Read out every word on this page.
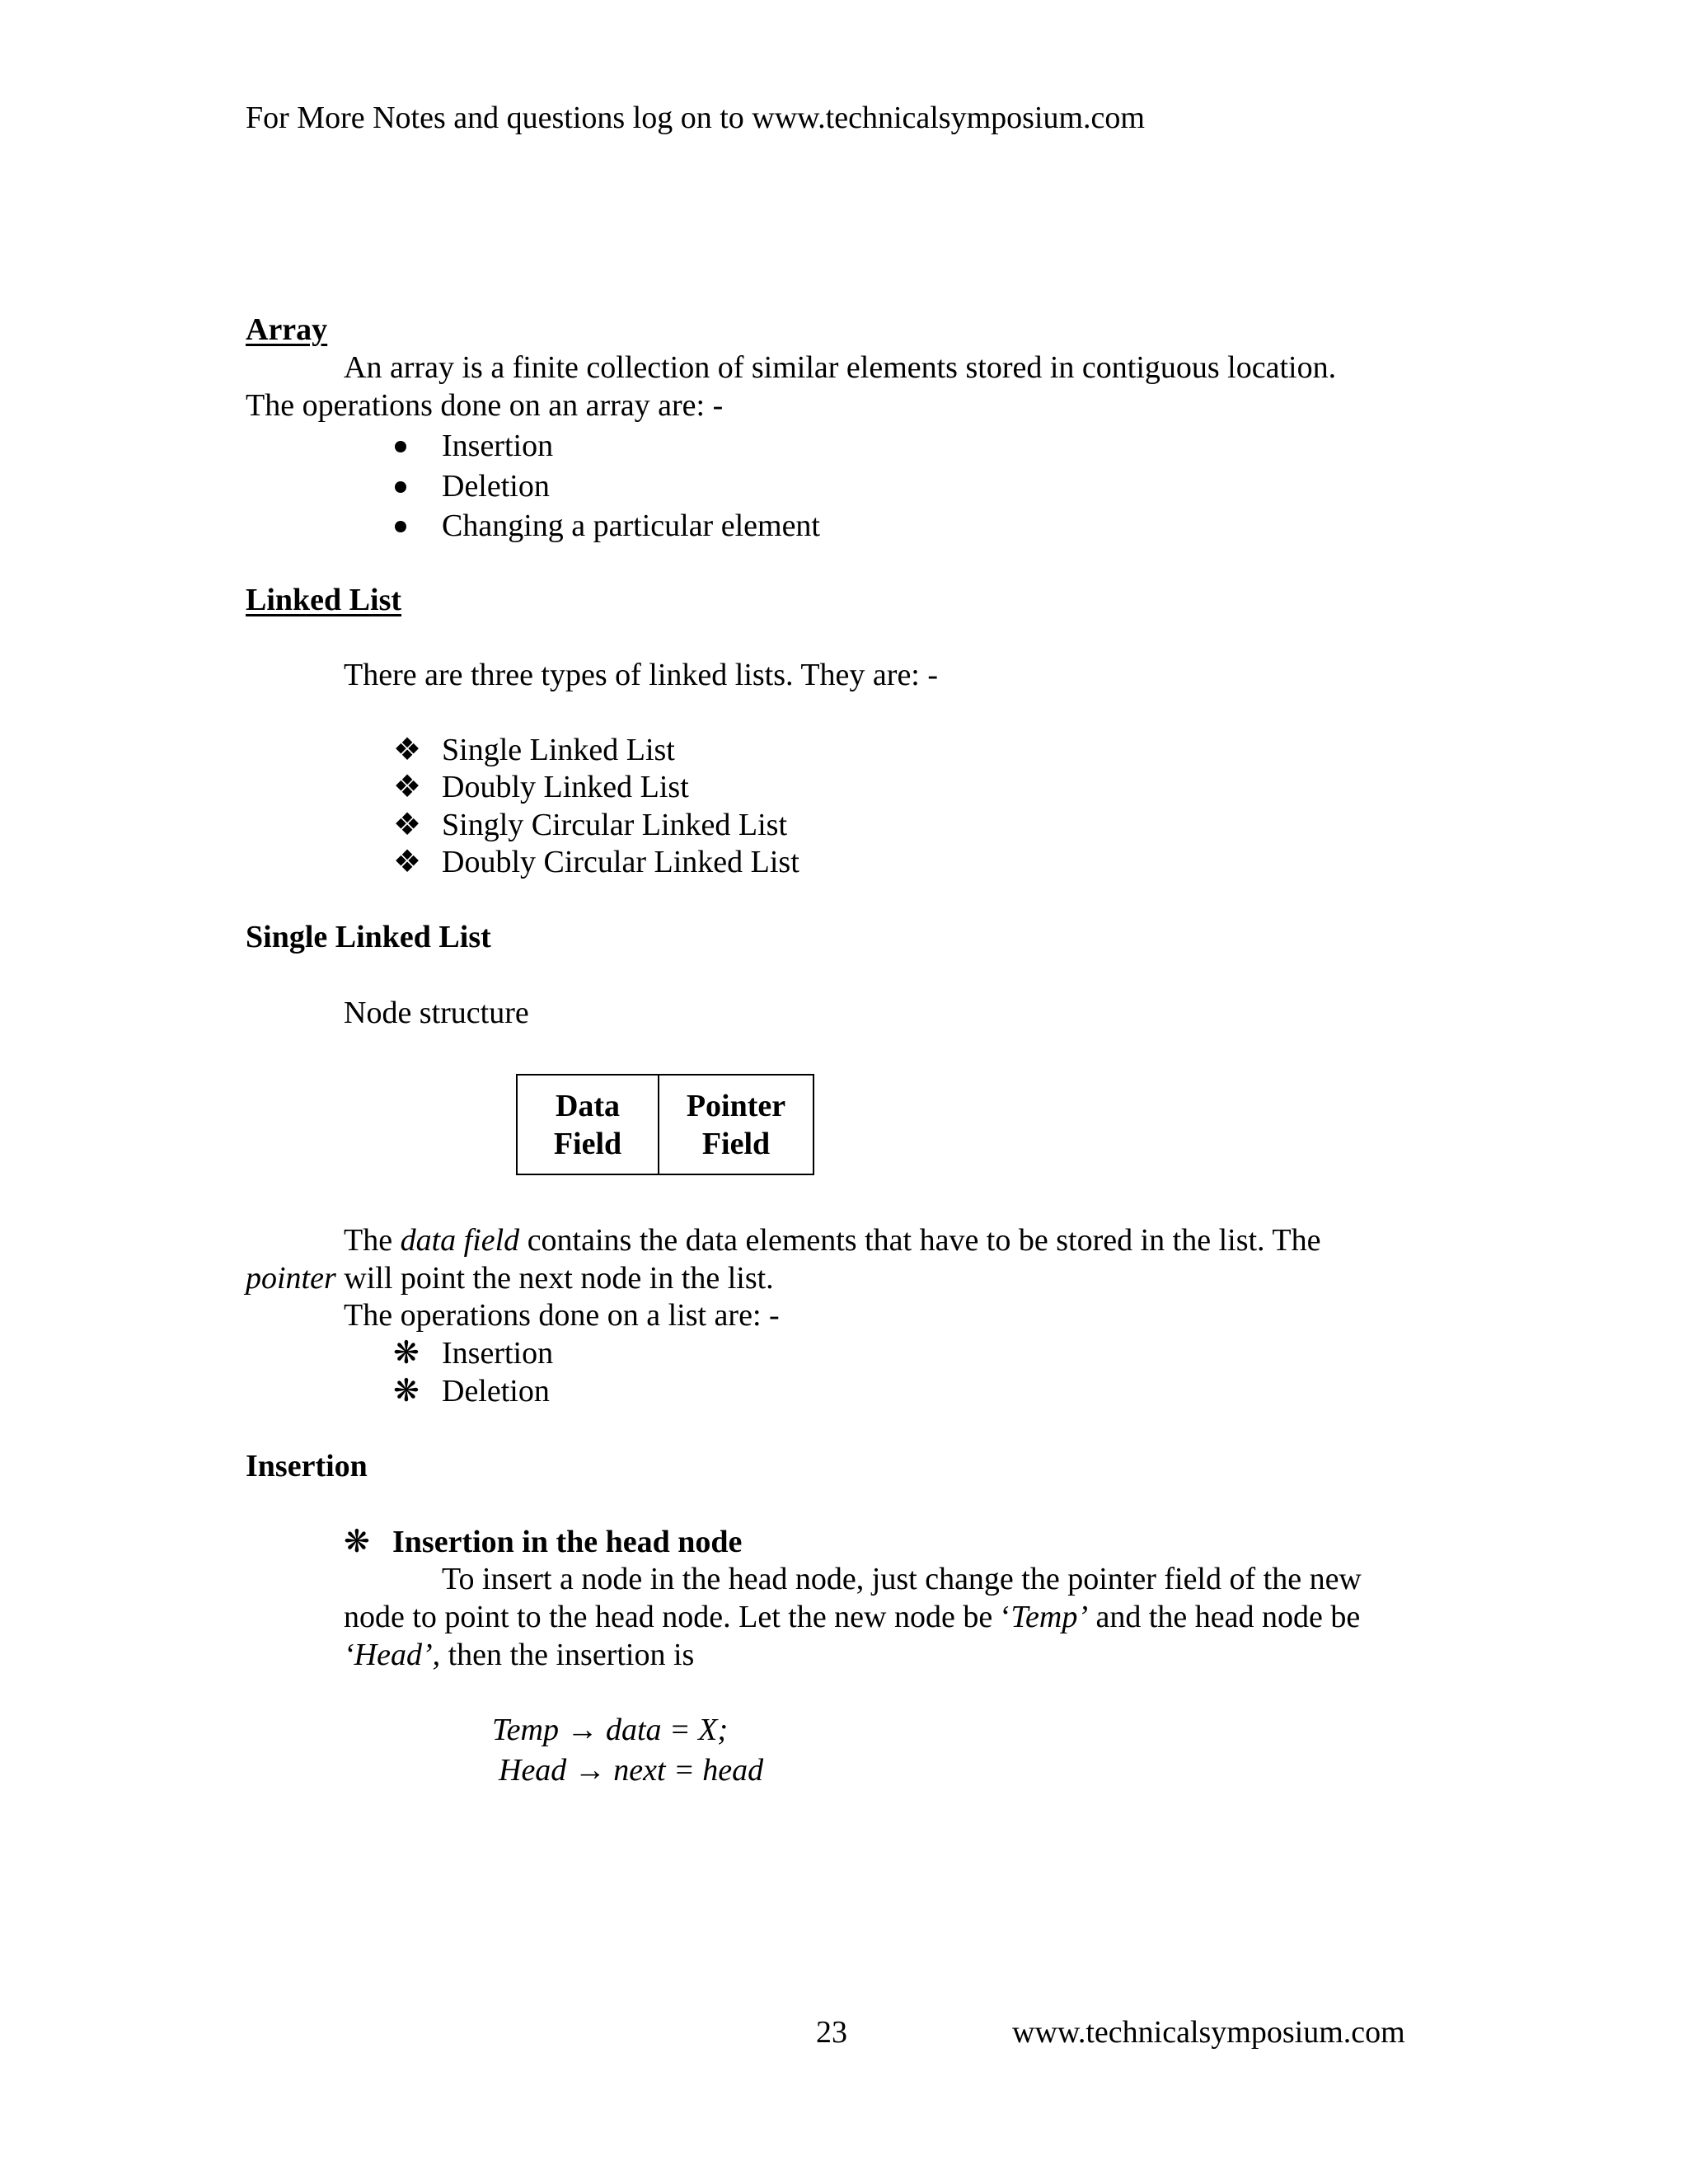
For More Notes and questions log on to www.technicalsymposium.com
Array
An array is a finite collection of similar elements stored in contiguous location.
The operations done on an array are: -
Insertion
Deletion
Changing a particular element
Linked List
There are three types of linked lists. They are: -
❖ Single Linked List
❖ Doubly Linked List
❖ Singly Circular Linked List
❖ Doubly Circular Linked List
Single Linked List
Node structure
Data
Field
Pointer
Field
The data field contains the data elements that have to be stored in the list. The
pointer will point the next node in the list.
The operations done on a list are: -
❋ Insertion
❋ Deletion
Insertion
❋ Insertion in the head node
To insert a node in the head node, just change the pointer field of the new
node to point to the head node. Let the new node be ‘Temp’ and the head node be
‘Head’, then the insertion is
Temp → data = X;
Head → next = head
23	www.technicalsymposium.com
